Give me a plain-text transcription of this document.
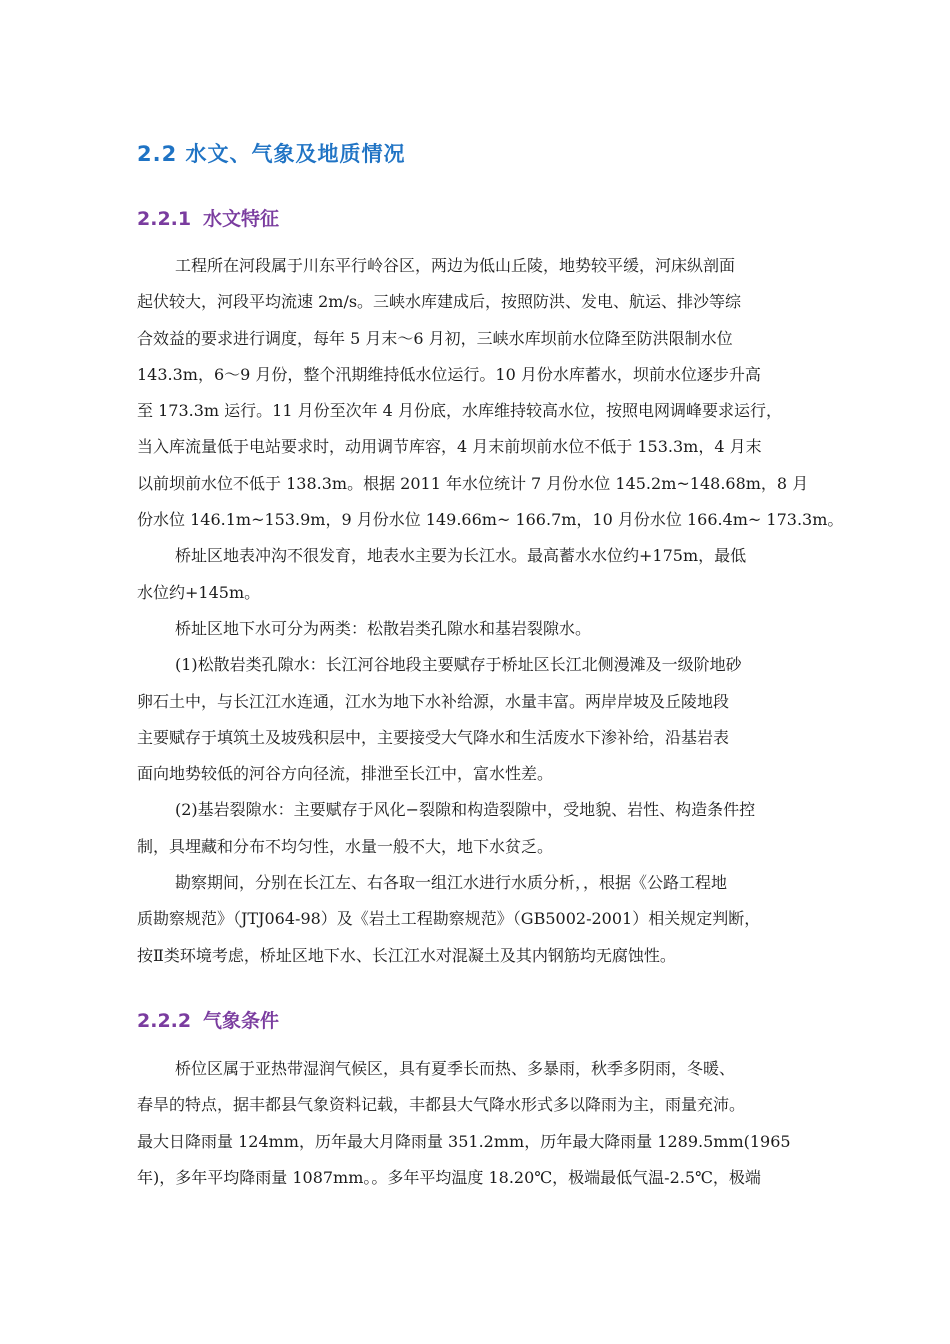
2.2 水文、气象及地质情况
2.2.1 水文特征
工程所在河段属于川东平行岭谷区，两边为低山丘陵，地势较平缓，河床纵剖面
起伏较大，河段平均流速 2m/s。三峡水库建成后，按照防洪、发电、航运、排沙等综
合效益的要求进行调度，每年 5 月末～6 月初，三峡水库坝前水位降至防洪限制水位
143.3m，6～9 月份，整个汛期维持低水位运行。10 月份水库蓄水，坝前水位逐步升高
至 173.3m 运行。11 月份至次年 4 月份底，水库维持较高水位，按照电网调峰要求运行，
当入库流量低于电站要求时，动用调节库容，4 月末前坝前水位不低于 153.3m，4 月末
以前坝前水位不低于 138.3m。根据 2011 年水位统计 7 月份水位 145.2m~148.68m，8 月
份水位 146.1m~153.9m，9 月份水位 149.66m~ 166.7m，10 月份水位 166.4m~ 173.3m。
桥址区地表冲沟不很发育，地表水主要为长江水。最高蓄水水位约+175m，最低
水位约+145m。
桥址区地下水可分为两类：松散岩类孔隙水和基岩裂隙水。
(1)松散岩类孔隙水：长江河谷地段主要赋存于桥址区长江北侧漫滩及一级阶地砂
卵石土中，与长江江水连通，江水为地下水补给源，水量丰富。两岸岸坡及丘陵地段
主要赋存于填筑土及坡残积层中，主要接受大气降水和生活废水下渗补给，沿基岩表
面向地势较低的河谷方向径流，排泄至长江中，富水性差。
(2)基岩裂隙水：主要赋存于风化−裂隙和构造裂隙中，受地貌、岩性、构造条件控
制，具埋藏和分布不均匀性，水量一般不大，地下水贫乏。
勘察期间，分别在长江左、右各取一组江水进行水质分析，，根据《公路工程地
质勘察规范》（JTJ064-98）及《岩土工程勘察规范》（GB5002-2001）相关规定判断，
按Ⅱ类环境考虑，桥址区地下水、长江江水对混凝土及其内钢筋均无腐蚀性。
2.2.2 气象条件
桥位区属于亚热带湿润气候区，具有夏季长而热、多暴雨，秋季多阴雨，冬暖、
春旱的特点，据丰都县气象资料记载，丰都县大气降水形式多以降雨为主，雨量充沛。
最大日降雨量 124mm，历年最大月降雨量 351.2mm，历年最大降雨量 1289.5mm(1965
年)，多年平均降雨量 1087mm。。多年平均温度 18.20℃，极端最低气温-2.5℃，极端
